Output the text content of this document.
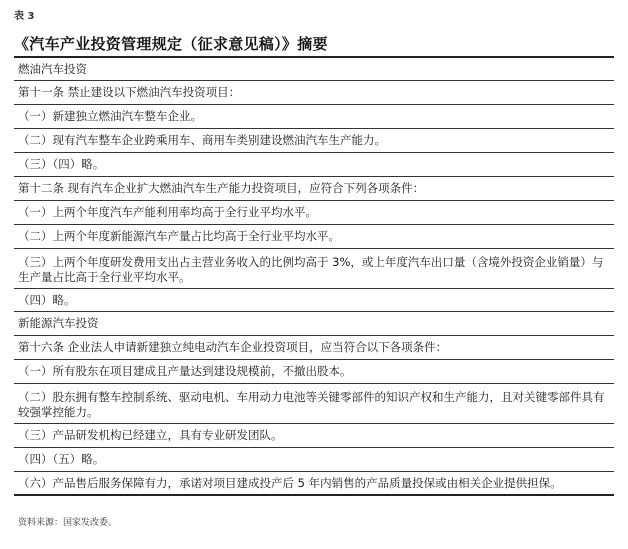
表 3
《汽车产业投资管理规定（征求意见稿）》摘要
燃油汽车投资
第十一条 禁止建设以下燃油汽车投资项目：
（一）新建独立燃油汽车整车企业。
（二）现有汽车整车企业跨乘用车、商用车类别建设燃油汽车生产能力。
（三）（四）略。
第十二条 现有汽车企业扩大燃油汽车生产能力投资项目，应符合下列各项条件：
（一）上两个年度汽车产能利用率均高于全行业平均水平。
（二）上两个年度新能源汽车产量占比均高于全行业平均水平。
（三）上两个年度研发费用支出占主营业务收入的比例均高于 3%，或上年度汽车出口量（含境外投资企业销量）与生产量占比高于全行业平均水平。
（四）略。
新能源汽车投资
第十六条 企业法人申请新建独立纯电动汽车企业投资项目，应当符合以下各项条件：
（一）所有股东在项目建成且产量达到建设规模前，不撤出股本。
（二）股东拥有整车控制系统、驱动电机、车用动力电池等关键零部件的知识产权和生产能力，且对关键零部件具有较强掌控能力。
（三）产品研发机构已经建立，具有专业研发团队。
（四）（五）略。
（六）产品售后服务保障有力，承诺对项目建成投产后 5 年内销售的产品质量投保或由相关企业提供担保。
资料来源：国家发改委。
